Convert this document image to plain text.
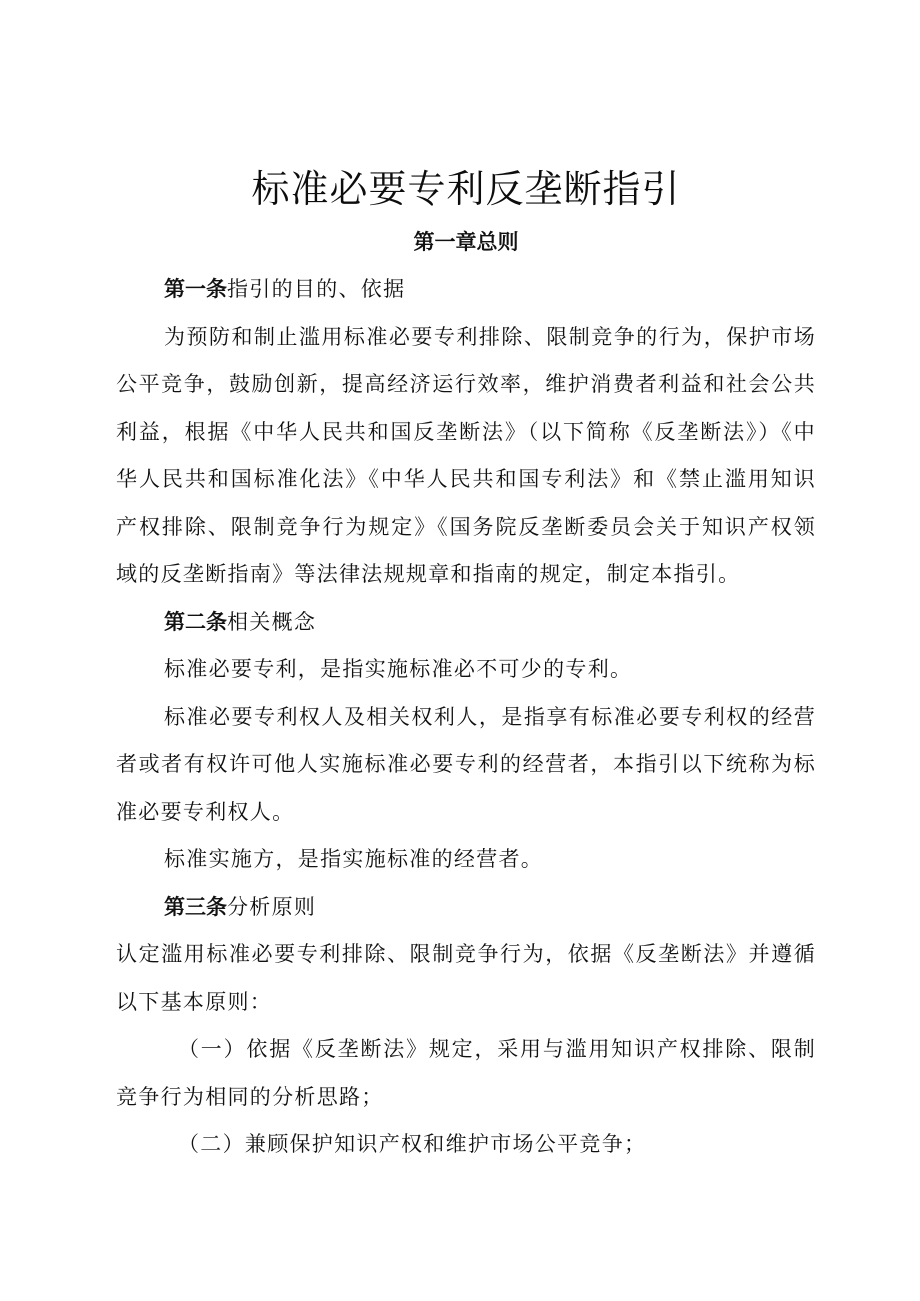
标准必要专利反垄断指引
第一章总则

第一条指引的目的、依据

为预防和制止滥用标准必要专利排除、限制竞争的行为，保护市场公平竞争，鼓励创新，提高经济运行效率，维护消费者利益和社会公共利益，根据《中华人民共和国反垄断法》（以下简称《反垄断法》）《中华人民共和国标准化法》《中华人民共和国专利法》和《禁止滥用知识产权排除、限制竞争行为规定》《国务院反垄断委员会关于知识产权领域的反垄断指南》等法律法规规章和指南的规定，制定本指引。

第二条相关概念

标准必要专利，是指实施标准必不可少的专利。

标准必要专利权人及相关权利人，是指享有标准必要专利权的经营者或者有权许可他人实施标准必要专利的经营者，本指引以下统称为标准必要专利权人。

标准实施方，是指实施标准的经营者。

第三条分析原则

认定滥用标准必要专利排除、限制竞争行为，依据《反垄断法》并遵循以下基本原则：

（一）依据《反垄断法》规定，采用与滥用知识产权排除、限制竞争行为相同的分析思路；

（二）兼顾保护知识产权和维护市场公平竞争；
